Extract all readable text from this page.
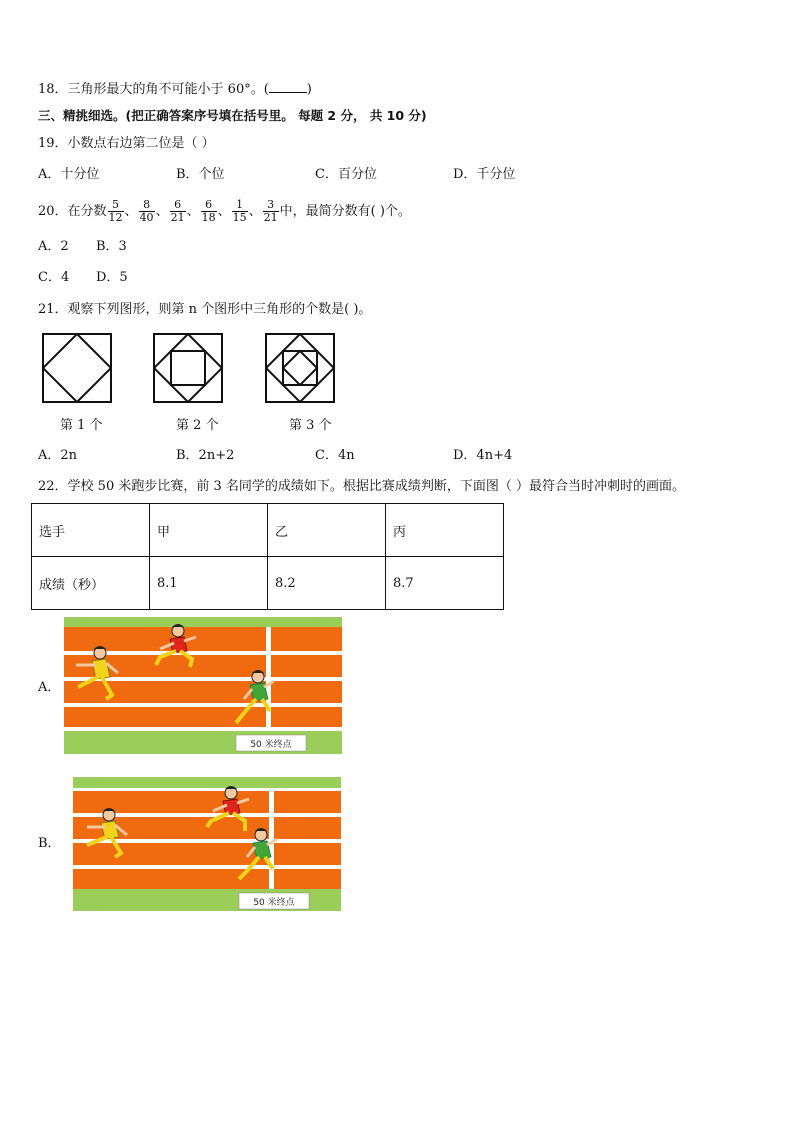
18．三角形最大的角不可能小于 60°。(	)
三、精挑细选。(把正确答案序号填在括号里。 每题 2 分， 共 10 分)
19．小数点右边第二位是（ ）
A．十分位	B．个位	C．百分位	D．千分位
20．在分数 $\frac{5}{12}$ 、 $\frac{8}{40}$ 、 $\frac{6}{21}$ 、 $\frac{6}{18}$ 、 $\frac{1}{15}$ 、 $\frac{3}{21}$ 中，最简分数有( )个。
A．2 B．3
C．4 D．5
21．观察下列图形，则第 n 个图形中三角形的个数是( )。
第 1 个	第 2 个	第 3 个
A．2n	B．2n+2	C．4n	D．4n+4
22．学校 50 米跑步比赛，前 3 名同学的成绩如下。根据比赛成绩判断，下面图（ ）最符合当时冲刺时的画面。
选手	甲	乙	丙
成绩（秒）	8.1	8.2	8.7
A．
50 米终点
B．
50 米终点
